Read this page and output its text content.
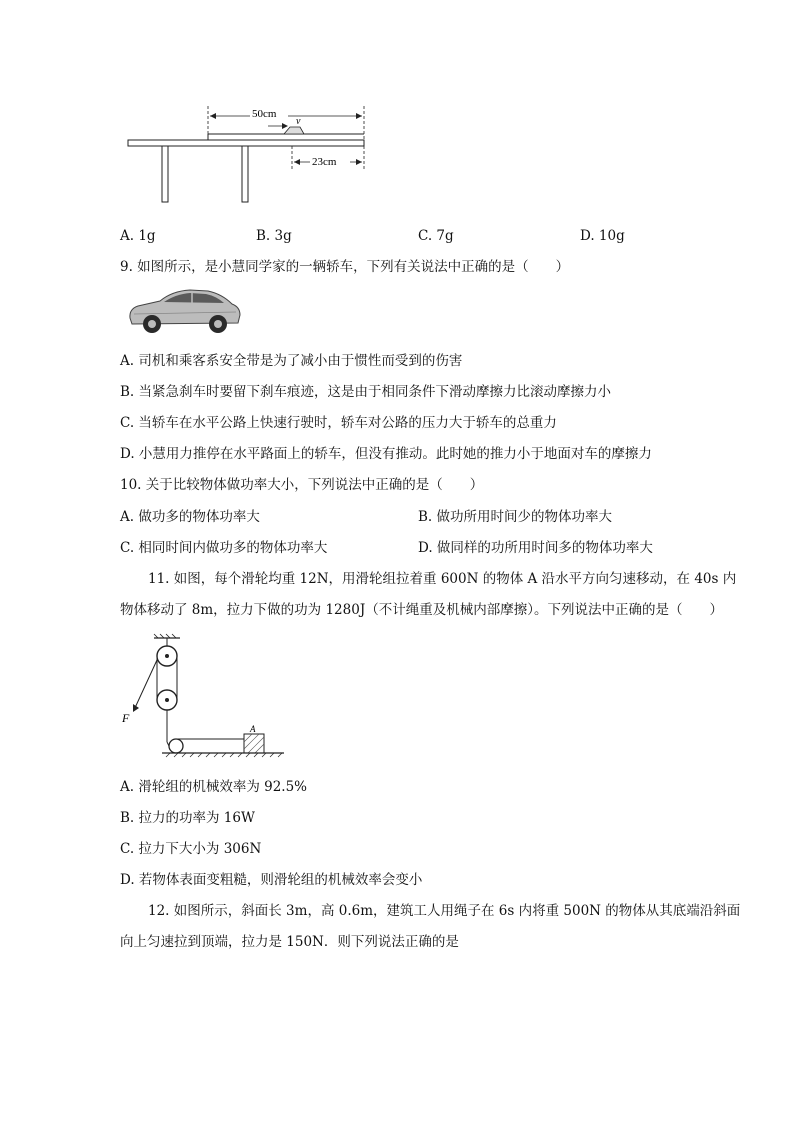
50cm
v
23cm
A. 1g	B. 3g	C. 7g	D. 10g
9. 如图所示，是小慧同学家的一辆轿车，下列有关说法中正确的是（　　）
A. 司机和乘客系安全带是为了减小由于惯性而受到的伤害
B. 当紧急刹车时要留下刹车痕迹，这是由于相同条件下滑动摩擦力比滚动摩擦力小
C. 当轿车在水平公路上快速行驶时，轿车对公路的压力大于轿车的总重力
D. 小慧用力推停在水平路面上的轿车，但没有推动。此时她的推力小于地面对车的摩擦力
10. 关于比较物体做功率大小，下列说法中正确的是（　　）
A. 做功多的物体功率大	B. 做功所用时间少的物体功率大
C. 相同时间内做功多的物体功率大	D. 做同样的功所用时间多的物体功率大
11. 如图，每个滑轮均重 12N，用滑轮组拉着重 600N 的物体 A 沿水平方向匀速移动，在 40s 内
物体移动了 8m，拉力下做的功为 1280J（不计绳重及机械内部摩擦）。下列说法中正确的是（　　）
F
A
A. 滑轮组的机械效率为 92.5%
B. 拉力的功率为 16W
C. 拉力下大小为 306N
D. 若物体表面变粗糙，则滑轮组的机械效率会变小
12. 如图所示，斜面长 3m，高 0.6m，建筑工人用绳子在 6s 内将重 500N 的物体从其底端沿斜面
向上匀速拉到顶端，拉力是 150N．则下列说法正确的是
